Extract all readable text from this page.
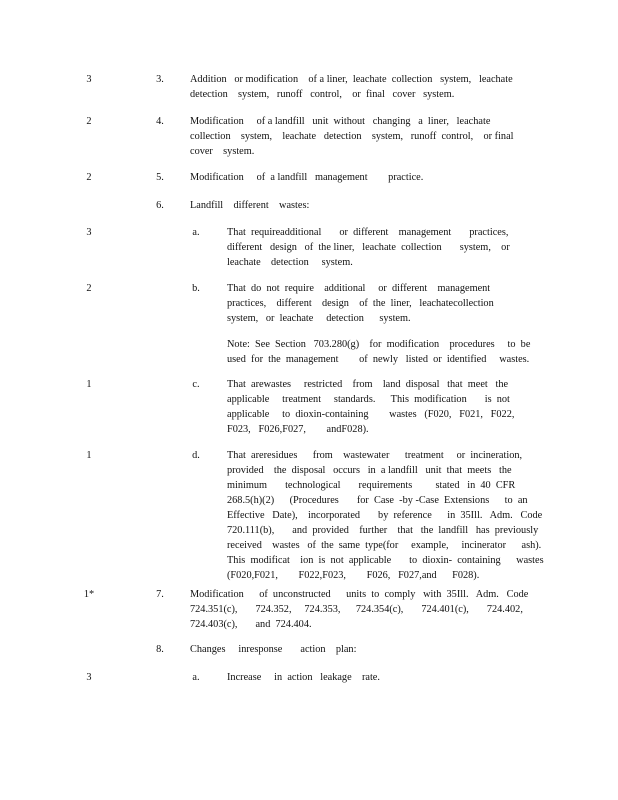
3	3.	Addition   or modification    of a liner,  leachate  collection   system,   leachate
detection    system,   runoff   control,    or  final   cover   system.
2	4.	Modification     of a landfill   unit  without   changing   a  liner,   leachate
collection    system,    leachate   detection    system,   runoff  control,    or final
cover    system.
2	5.	Modification     of  a landfill   management        practice.
6.	Landfill    different    wastes:
3	a.	That  requireadditional       or  different    management       practices,
different   design   of  the liner,   leachate  collection       system,    or
leachate    detection     system.
2	b.	That  do  not  require    additional     or  different    management
practices,    different    design    of  the  liner,   leachatecollection
system,   or  leachate     detection      system.
Note:  See  Section   703.280(g)    for  modification    procedures     to  be
used  for  the  management        of  newly   listed  or  identified     wastes.
1	c.	That  arewastes     restricted    from    land  disposal   that  meet   the
applicable     treatment     standards.      This  modification       is  not
applicable     to  dioxin-containing        wastes   (F020,   F021,   F022,
F023,   F026,F027,        andF028).
1	d.	That  areresidues      from    wastewater      treatment     or  incineration,
provided    the  disposal   occurs   in  a landfill   unit  that  meets   the
minimum       technological       requirements         stated   in  40  CFR
268.5(h)(2)      (Procedures       for  Case  -by -Case  Extensions      to  an
Effective   Date),    incorporated       by  reference      in  35Ill.   Adm.   Code
720.111(b),       and  provided    further    that   the  landfill   has  previously
received    wastes   of  the  same  type(for     example,     incinerator      ash).
This  modificat    ion  is  not  applicable       to  dioxin-  containing      wastes
(F020,F021,        F022,F023,        F026,   F027,and      F028).
1*	7.	Modification      of  unconstructed      units  to  comply   with  35Ill.   Adm.   Code
724.351(c),       724.352,     724.353,      724.354(c),       724.401(c),       724.402,
724.403(c),       and  724.404.
8.	Changes     inresponse       action    plan:
3	a.	Increase     in  action   leakage    rate.
